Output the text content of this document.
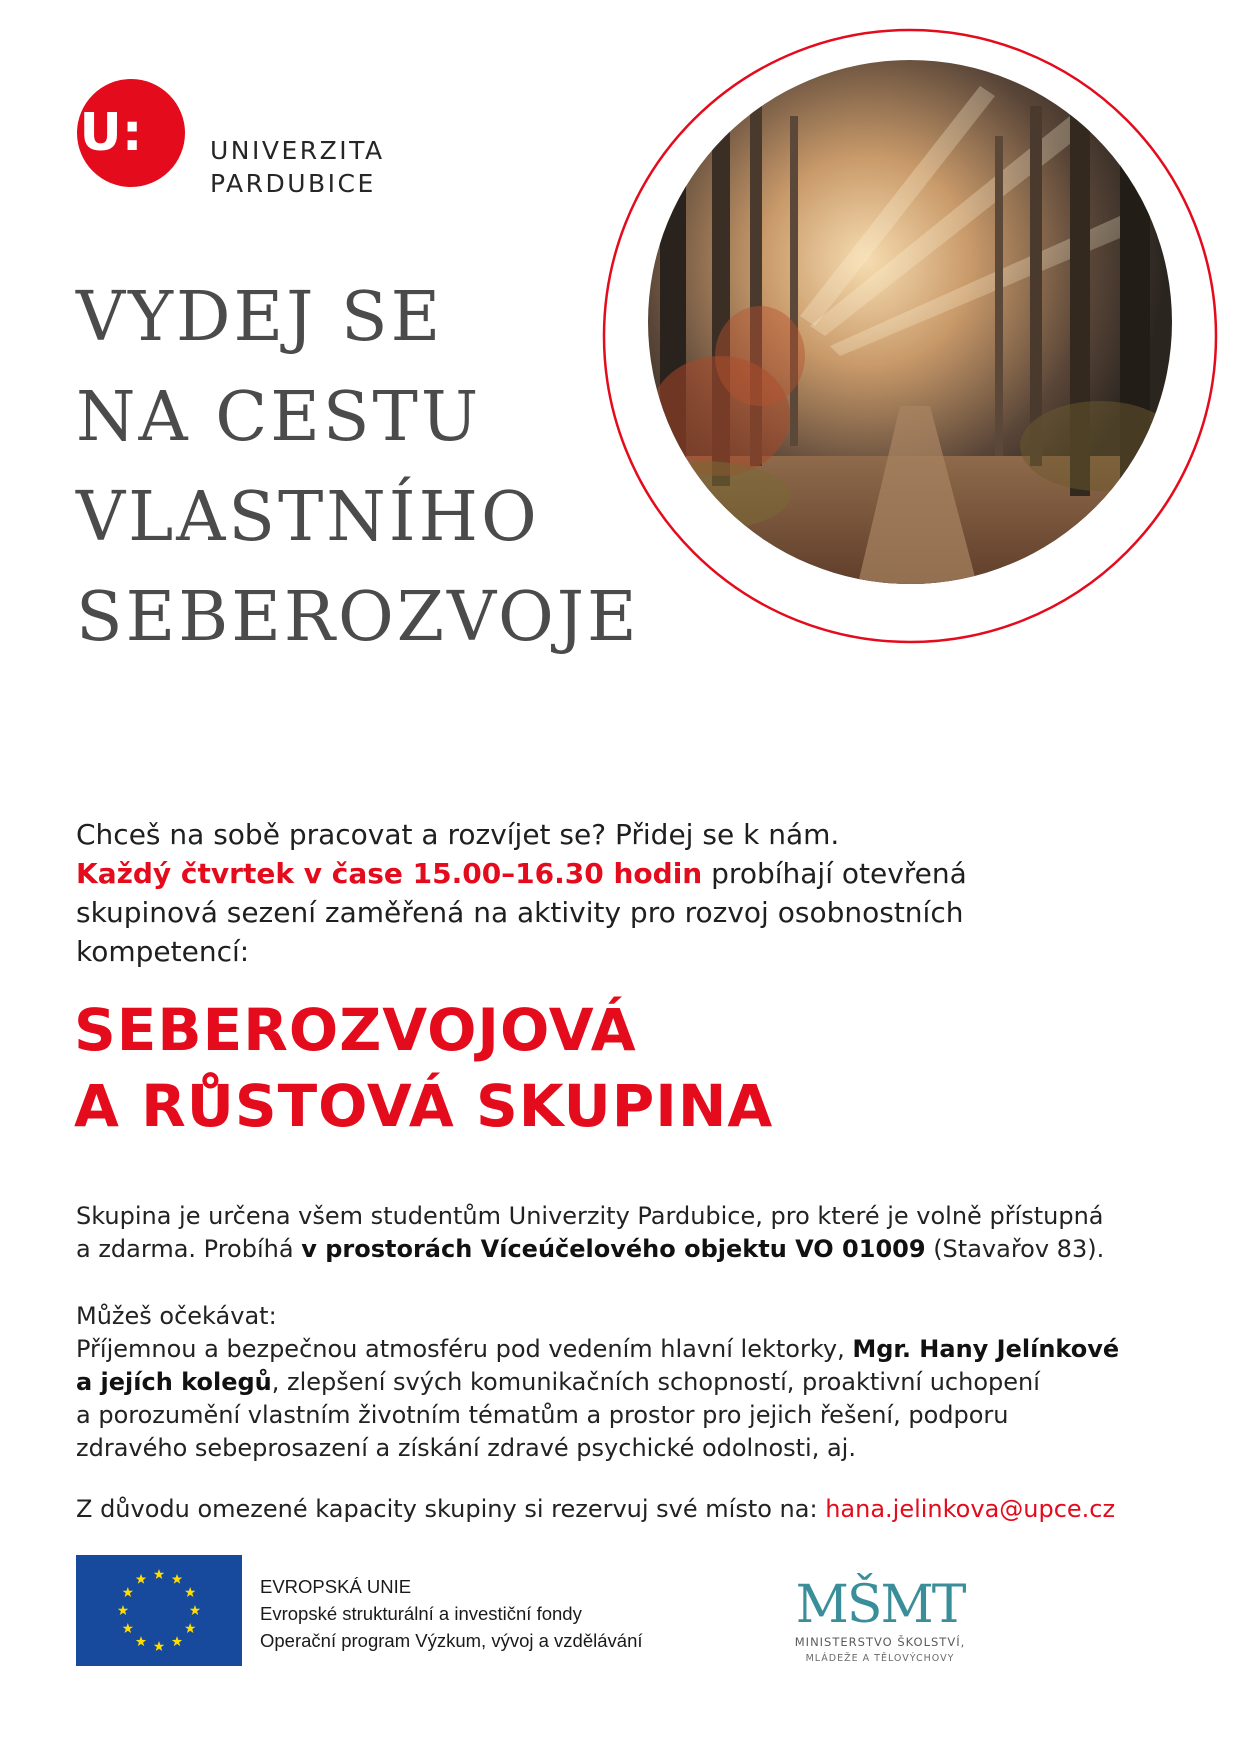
U:	UNIVERZITA
PARDUBICE
VYDEJ SE
NA CESTU
VLASTNÍHO
SEBEROZVOJE
Chceš na sobě pracovat a rozvíjet se? Přidej se k nám.
Každý čtvrtek v čase 15.00–16.30 hodin probíhají otevřená
skupinová sezení zaměřená na aktivity pro rozvoj osobnostních
kompetencí:
SEBEROZVOJOVÁ
A RŮSTOVÁ SKUPINA
Skupina je určena všem studentům Univerzity Pardubice, pro které je volně přístupná
a zdarma. Probíhá v prostorách Víceúčelového objektu VO 01009 (Stavařov 83).
Můžeš očekávat:
Příjemnou a bezpečnou atmosféru pod vedením hlavní lektorky, Mgr. Hany Jelínkové
a jejích kolegů, zlepšení svých komunikačních schopností, proaktivní uchopení
a porozumění vlastním životním tématům a prostor pro jejich řešení, podporu
zdravého sebeprosazení a získání zdravé psychické odolnosti, aj.
Z důvodu omezené kapacity skupiny si rezervuj své místo na: hana.jelinkova@upce.cz
EVROPSKÁ UNIE
Evropské strukturální a investiční fondy
Operační program Výzkum, vývoj a vzdělávání
MŠMT
MINISTERSTVO ŠKOLSTVÍ,
MLÁDEŽE A TĚLOVÝCHOVY
